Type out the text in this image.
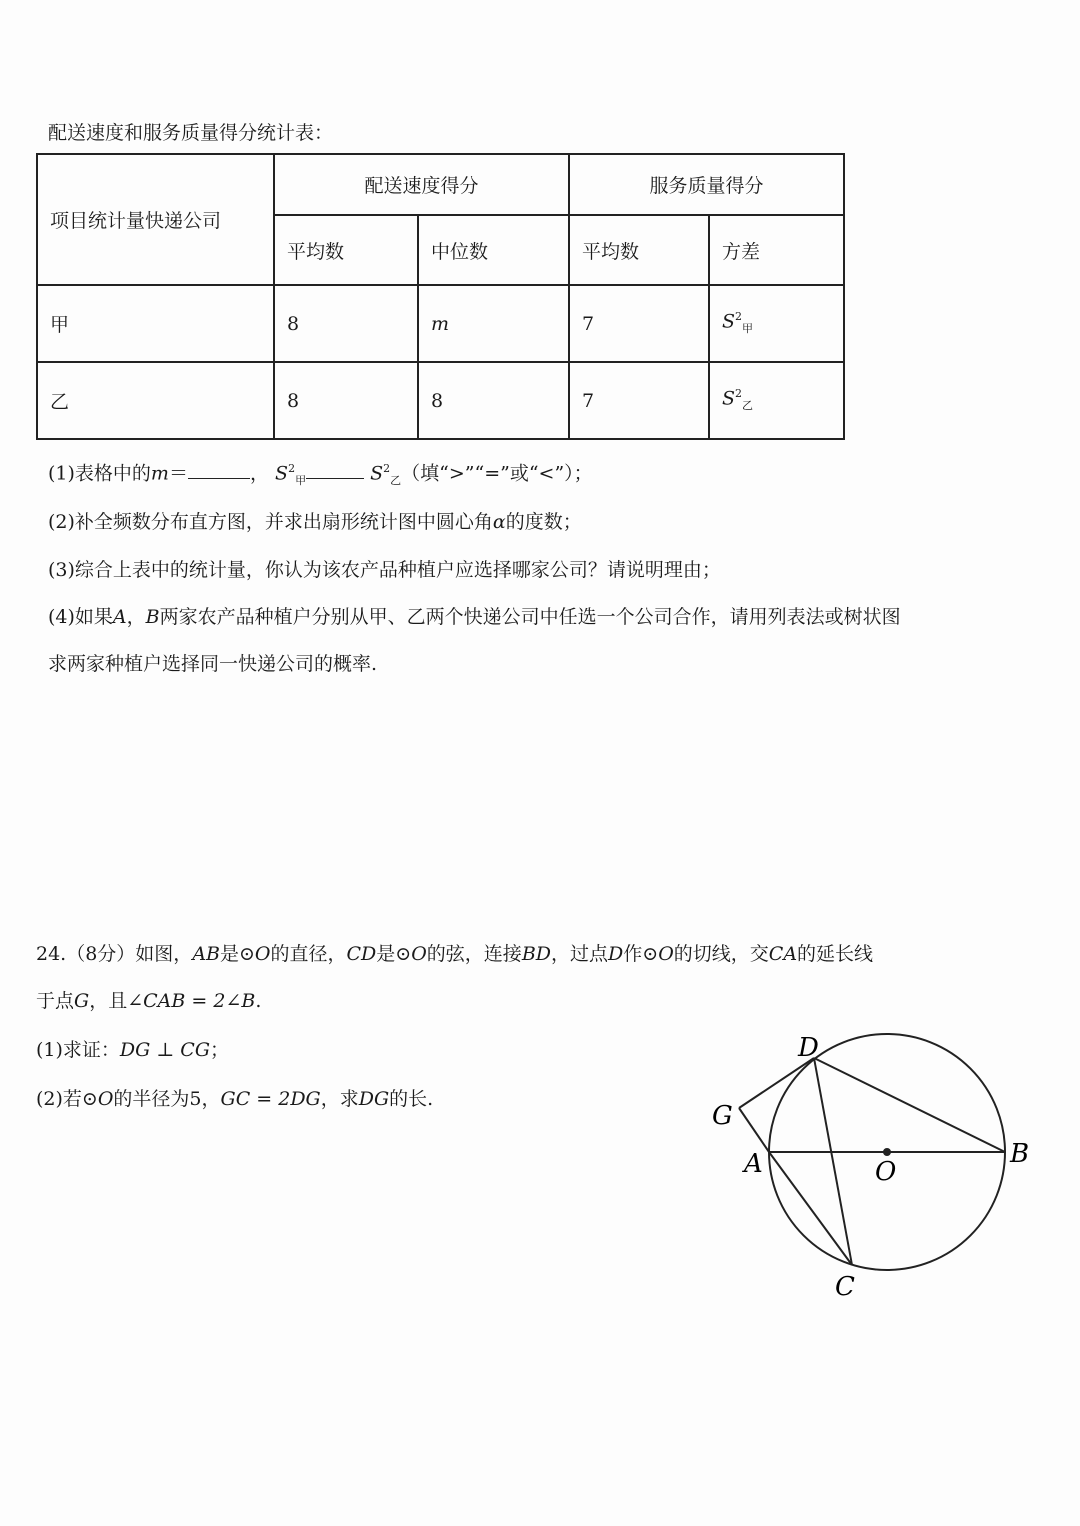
配送速度和服务质量得分统计表：
项目统计量快递公司	配送速度得分		服务质量得分	
	平均数	中位数	平均数	方差
甲	8	m	7	$S^2_甲$
乙	8	8	7	$S^2_乙$
(1)表格中的m＝	， $S^2_甲$	$S^2_乙$（填“>”“=”或“<”）；
(2)补全频数分布直方图，并求出扇形统计图中圆心角α的度数；
(3)综合上表中的统计量，你认为该农产品种植户应选择哪家公司？请说明理由；
(4)如果A，B两家农产品种植户分别从甲、乙两个快递公司中任选一个公司合作，请用列表法或树状图
求两家种植户选择同一快递公司的概率.
24.（8分）如图，AB是⊙O的直径，CD是⊙O的弦，连接BD，过点D作⊙O的切线，交CA的延长线
于点G，且∠CAB = 2∠B.
(1)求证：DG ⊥ CG；
(2)若⊙O的半径为5，GC = 2DG，求DG的长.
D
G
A	O
B
C
